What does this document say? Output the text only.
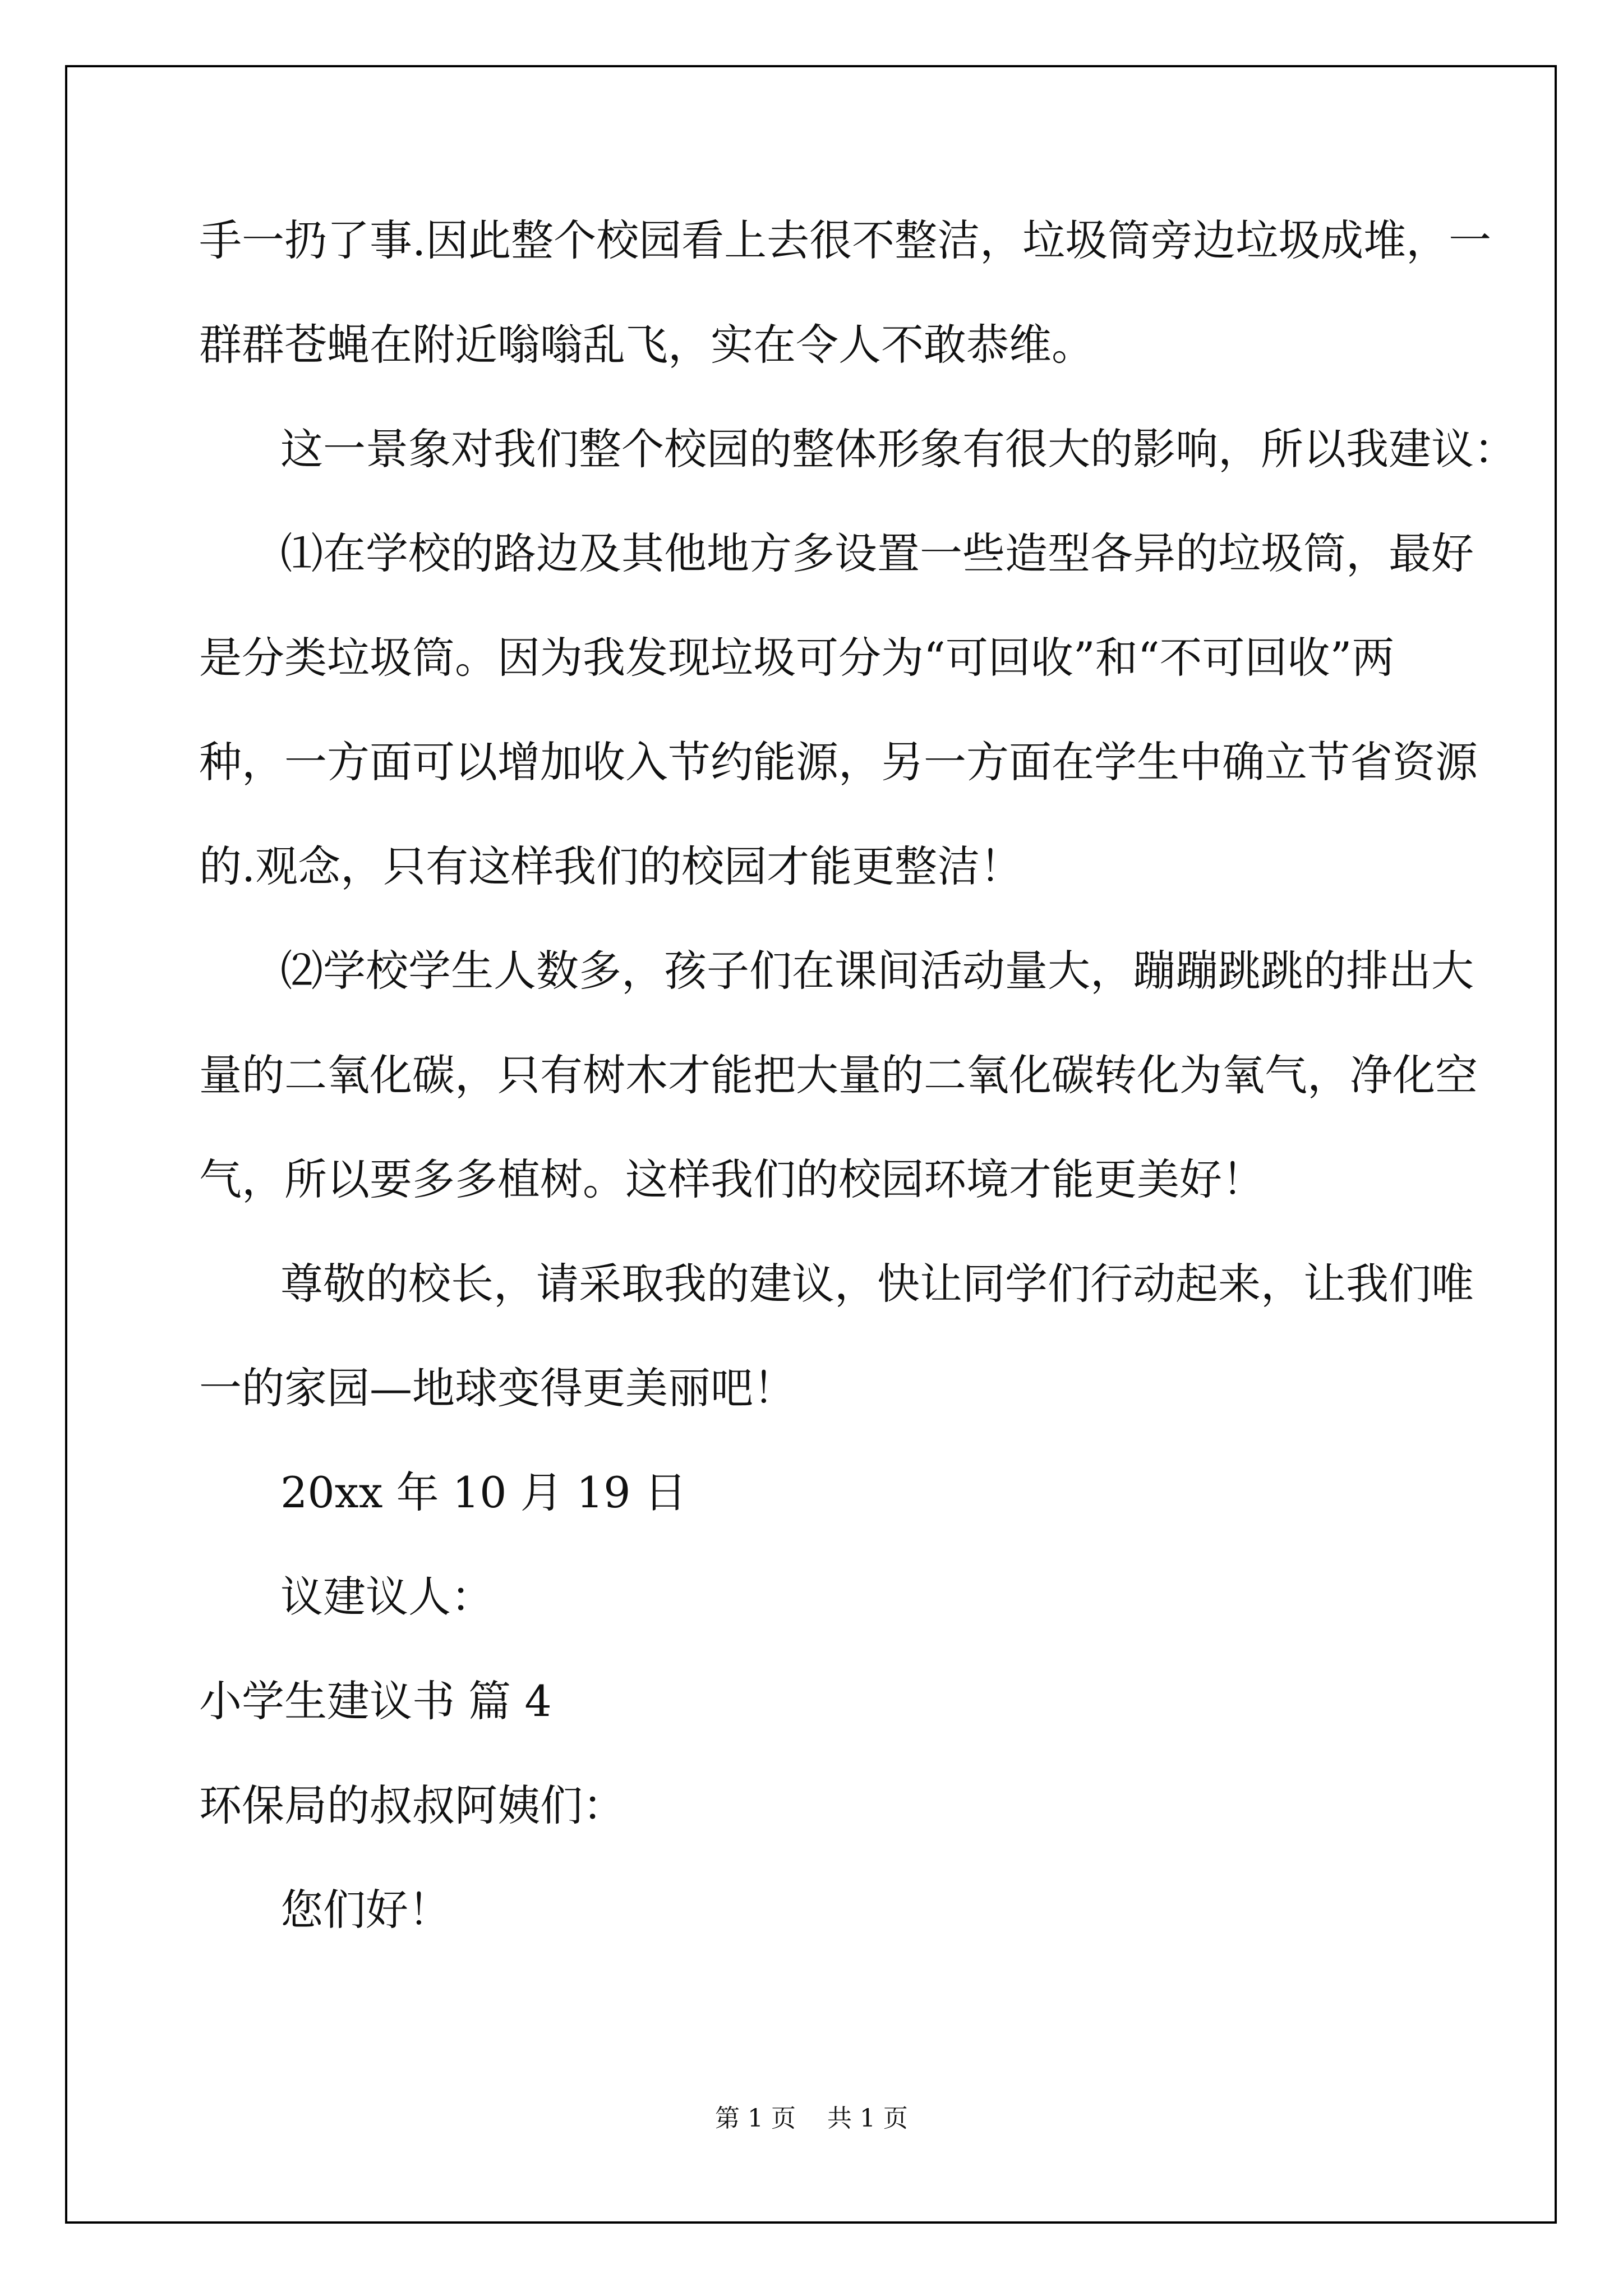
手一扔了事.因此整个校园看上去很不整洁，垃圾筒旁边垃圾成堆，一
群群苍蝇在附近嗡嗡乱飞，实在令人不敢恭维。
这一景象对我们整个校园的整体形象有很大的影响，所以我建议：
⑴在学校的路边及其他地方多设置一些造型各异的垃圾筒，最好
是分类垃圾筒。因为我发现垃圾可分为“可回收”和“不可回收”两
种，一方面可以增加收入节约能源，另一方面在学生中确立节省资源
的.观念，只有这样我们的校园才能更整洁！
⑵学校学生人数多，孩子们在课间活动量大，蹦蹦跳跳的排出大
量的二氧化碳，只有树木才能把大量的二氧化碳转化为氧气，净化空
气，所以要多多植树。这样我们的校园环境才能更美好！
尊敬的校长，请采取我的建议，快让同学们行动起来，让我们唯
一的家园—地球变得更美丽吧！
20xx 年 10 月 19 日
议建议人：
小学生建议书 篇 4
环保局的叔叔阿姨们：
您们好！
第 1 页    共 1 页
